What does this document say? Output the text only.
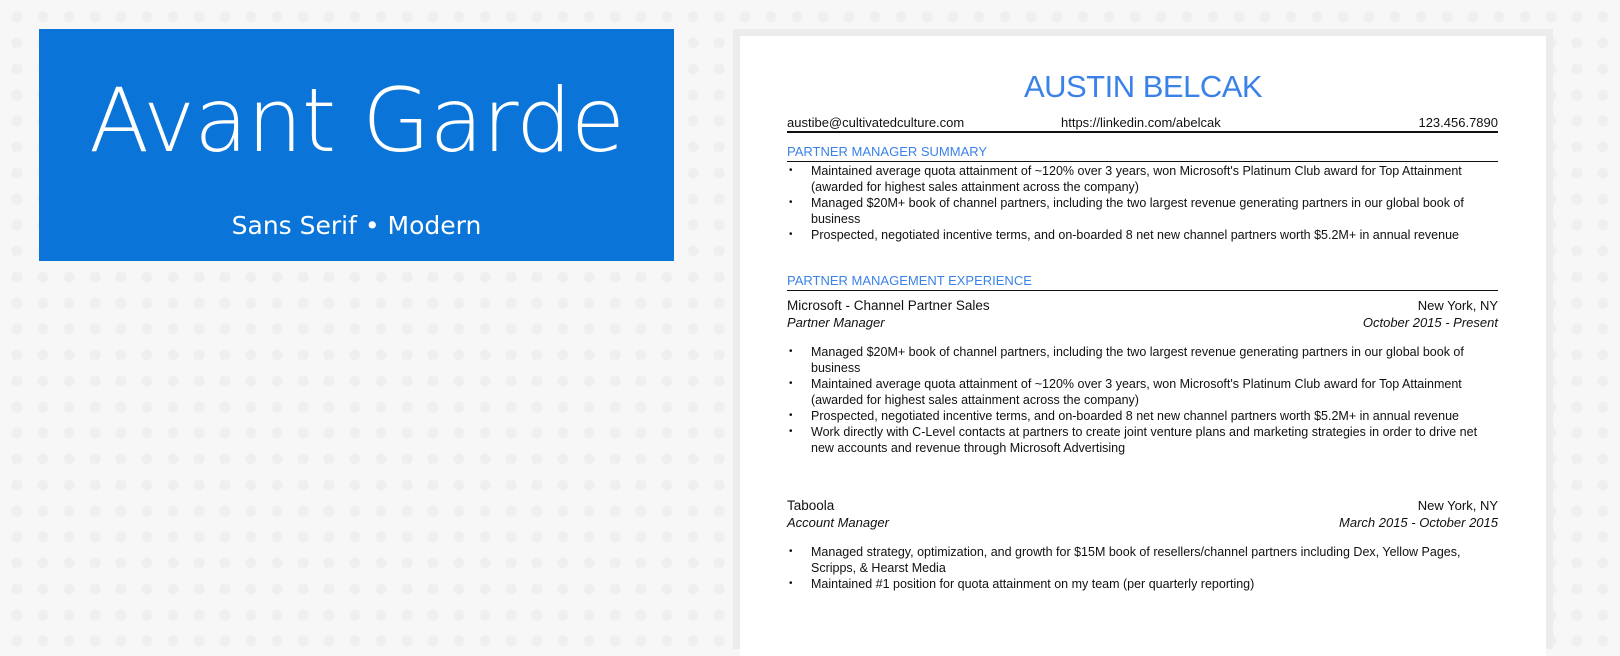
Avant Garde
Sans Serif • Modern
AUSTIN BELCAK
austibe@cultivatedculture.com	https://linkedin.com/abelcak	123.456.7890
PARTNER MANAGER SUMMARY
• Maintained average quota attainment of ~120% over 3 years, won Microsoft's Platinum Club award for Top Attainment (awarded for highest sales attainment across the company)
• Managed $20M+ book of channel partners, including the two largest revenue generating partners in our global book of business
• Prospected, negotiated incentive terms, and on-boarded 8 net new channel partners worth $5.2M+ in annual revenue
PARTNER MANAGEMENT EXPERIENCE
Microsoft - Channel Partner Sales	New York, NY
Partner Manager	October 2015 - Present
• Managed $20M+ book of channel partners, including the two largest revenue generating partners in our global book of business
• Maintained average quota attainment of ~120% over 3 years, won Microsoft's Platinum Club award for Top Attainment (awarded for highest sales attainment across the company)
• Prospected, negotiated incentive terms, and on-boarded 8 net new channel partners worth $5.2M+ in annual revenue
• Work directly with C-Level contacts at partners to create joint venture plans and marketing strategies in order to drive net new accounts and revenue through Microsoft Advertising
Taboola	New York, NY
Account Manager	March 2015 - October 2015
• Managed strategy, optimization, and growth for $15M book of resellers/channel partners including Dex, Yellow Pages, Scripps, & Hearst Media
• Maintained #1 position for quota attainment on my team (per quarterly reporting)
